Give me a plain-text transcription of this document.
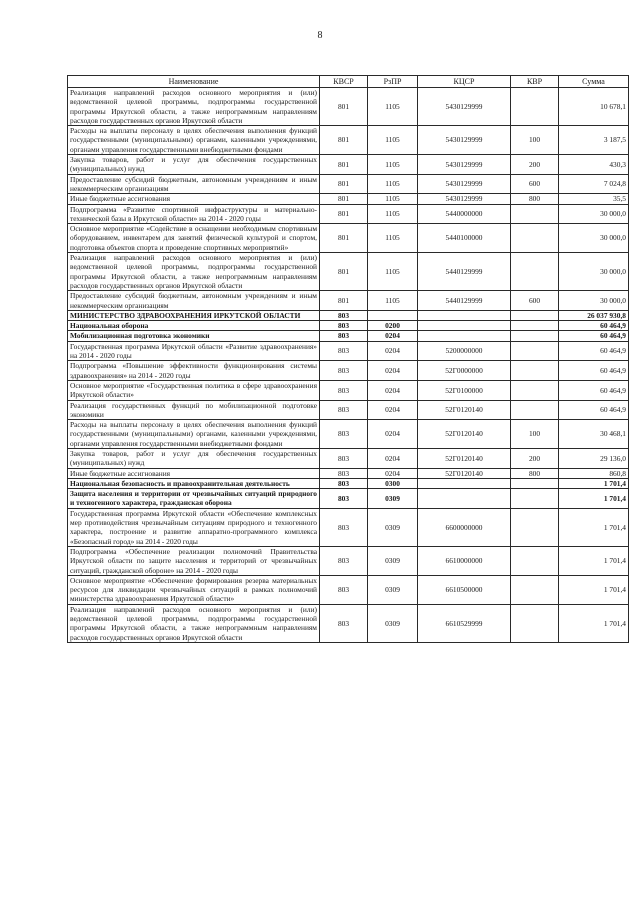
8
Наименование	КВСР	РзПР	КЦСР	КВР	Сумма
Реализация направлений расходов основного мероприятия и (или) ведомственной целевой программы, подпрограммы государственной программы Иркутской области, а также непрограммным направлениям расходов государственных органов Иркутской области	801	1105	5430129999		10 678,1
Расходы на выплаты персоналу в целях обеспечения выполнения функций государственными (муниципальными) органами, казенными учреждениями, органами управления государственными внебюджетными фондами	801	1105	5430129999	100	3 187,5
Закупка товаров, работ и услуг для обеспечения государственных (муниципальных) нужд	801	1105	5430129999	200	430,3
Предоставление субсидий бюджетным, автономным учреждениям и иным некоммерческим организациям	801	1105	5430129999	600	7 024,8
Иные бюджетные ассигнования	801	1105	5430129999	800	35,5
Подпрограмма «Развитие спортивной инфраструктуры и материально- технической базы в Иркутской области» на 2014 - 2020 годы	801	1105	5440000000		30 000,0
Основное мероприятие «Содействие в оснащении необходимым спортивным оборудованием, инвентарем для занятий физической культурой и спортом, подготовка объектов спорта и проведение спортивных мероприятий»	801	1105	5440100000		30 000,0
Реализация направлений расходов основного мероприятия и (или) ведомственной целевой программы, подпрограммы государственной программы Иркутской области, а также непрограммным направлениям расходов государственных органов Иркутской области	801	1105	5440129999		30 000,0
Предоставление субсидий бюджетным, автономным учреждениям и иным некоммерческим организациям	801	1105	5440129999	600	30 000,0
МИНИСТЕРСТВО ЗДРАВООХРАНЕНИЯ ИРКУТСКОЙ ОБЛАСТИ	803				26 037 930,8
Национальная оборона	803	0200			60 464,9
Мобилизационная подготовка экономики	803	0204			60 464,9
Государственная программа Иркутской области «Развитие здравоохранения» на 2014 - 2020 годы	803	0204	5200000000		60 464,9
Подпрограмма «Повышение эффективности функционирования системы здравоохранения» на 2014 - 2020 годы	803	0204	52Г0000000		60 464,9
Основное мероприятие «Государственная политика в сфере здравоохранения Иркутской области»	803	0204	52Г0100000		60 464,9
Реализация государственных функций по мобилизационной подготовке экономики	803	0204	52Г0120140		60 464,9
Расходы на выплаты персоналу в целях обеспечения выполнения функций государственными (муниципальными) органами, казенными учреждениями, органами управления государственными внебюджетными фондами	803	0204	52Г0120140	100	30 468,1
Закупка товаров, работ и услуг для обеспечения государственных (муниципальных) нужд	803	0204	52Г0120140	200	29 136,0
Иные бюджетные ассигнования	803	0204	52Г0120140	800	860,8
Национальная безопасность и правоохранительная деятельность	803	0300			1 701,4
Защита населения и территории от чрезвычайных ситуаций природного и техногенного характера, гражданская оборона	803	0309			1 701,4
Государственная программа Иркутской области «Обеспечение комплексных мер противодействия чрезвычайным ситуациям природного и техногенного характера, построение и развитие аппаратно-программного комплекса «Безопасный город» на 2014 - 2020 годы	803	0309	6600000000		1 701,4
Подпрограмма «Обеспечение реализации полномочий Правительства Иркутской области по защите населения и территорий от чрезвычайных ситуаций, гражданской обороне» на 2014 - 2020 годы	803	0309	6610000000		1 701,4
Основное мероприятие «Обеспечение формирования резерва материальных ресурсов для ликвидации чрезвычайных ситуаций в рамках полномочий министерства здравоохранения Иркутской области»	803	0309	6610500000		1 701,4
Реализация направлений расходов основного мероприятия и (или) ведомственной целевой программы, подпрограммы государственной программы Иркутской области, а также непрограммным направлениям расходов государственных органов Иркутской области	803	0309	6610529999		1 701,4
